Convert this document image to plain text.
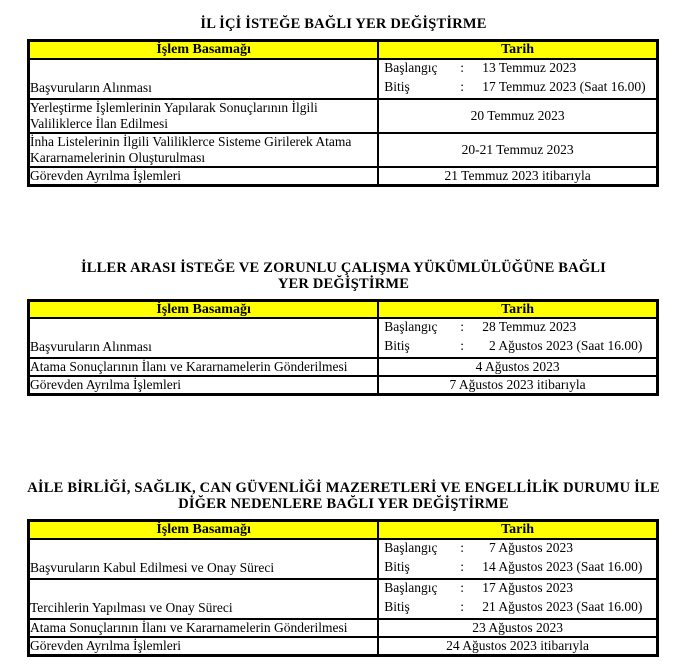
İL İÇİ İSTEĞE BAĞLI YER DEĞİŞTİRME
İşlem Basamağı	Tarih
Başvuruların Alınması	
Başlangıç	:	13 Temmuz 2023
Bitiş	:	17 Temmuz 2023 (Saat 16.00)

Yerleştirme İşlemlerinin Yapılarak Sonuçlarının İlgili Valiliklerce İlan Edilmesi	20 Temmuz 2023
İnha Listelerinin İlgili Valiliklerce Sisteme Girilerek Atama Kararnamelerinin Oluşturulması	20-21 Temmuz 2023
Görevden Ayrılma İşlemleri	21 Temmuz 2023 itibarıyla
İLLER ARASI İSTEĞE VE ZORUNLU ÇALIŞMA YÜKÜMLÜLÜĞÜNE BAĞLI
YER DEĞİŞTİRME
İşlem Basamağı	Tarih
Başvuruların Alınması	
Başlangıç	:	28 Temmuz 2023
Bitiş	:	2 Ağustos 2023 (Saat 16.00)

Atama Sonuçlarının İlanı ve Kararnamelerin Gönderilmesi	4 Ağustos 2023
Görevden Ayrılma İşlemleri	7 Ağustos 2023 itibarıyla
AİLE BİRLİĞİ, SAĞLIK, CAN GÜVENLİĞİ MAZERETLERİ VE ENGELLİLİK DURUMU İLE
DİĞER NEDENLERE BAĞLI YER DEĞİŞTİRME
İşlem Basamağı	Tarih
Başvuruların Kabul Edilmesi ve Onay Süreci	
Başlangıç	:	7 Ağustos 2023
Bitiş	:	14 Ağustos 2023 (Saat 16.00)

Tercihlerin Yapılması ve Onay Süreci	
Başlangıç	:	17 Ağustos 2023
Bitiş	:	21 Ağustos 2023 (Saat 16.00)

Atama Sonuçlarının İlanı ve Kararnamelerin Gönderilmesi	23 Ağustos 2023
Görevden Ayrılma İşlemleri	24 Ağustos 2023 itibarıyla
